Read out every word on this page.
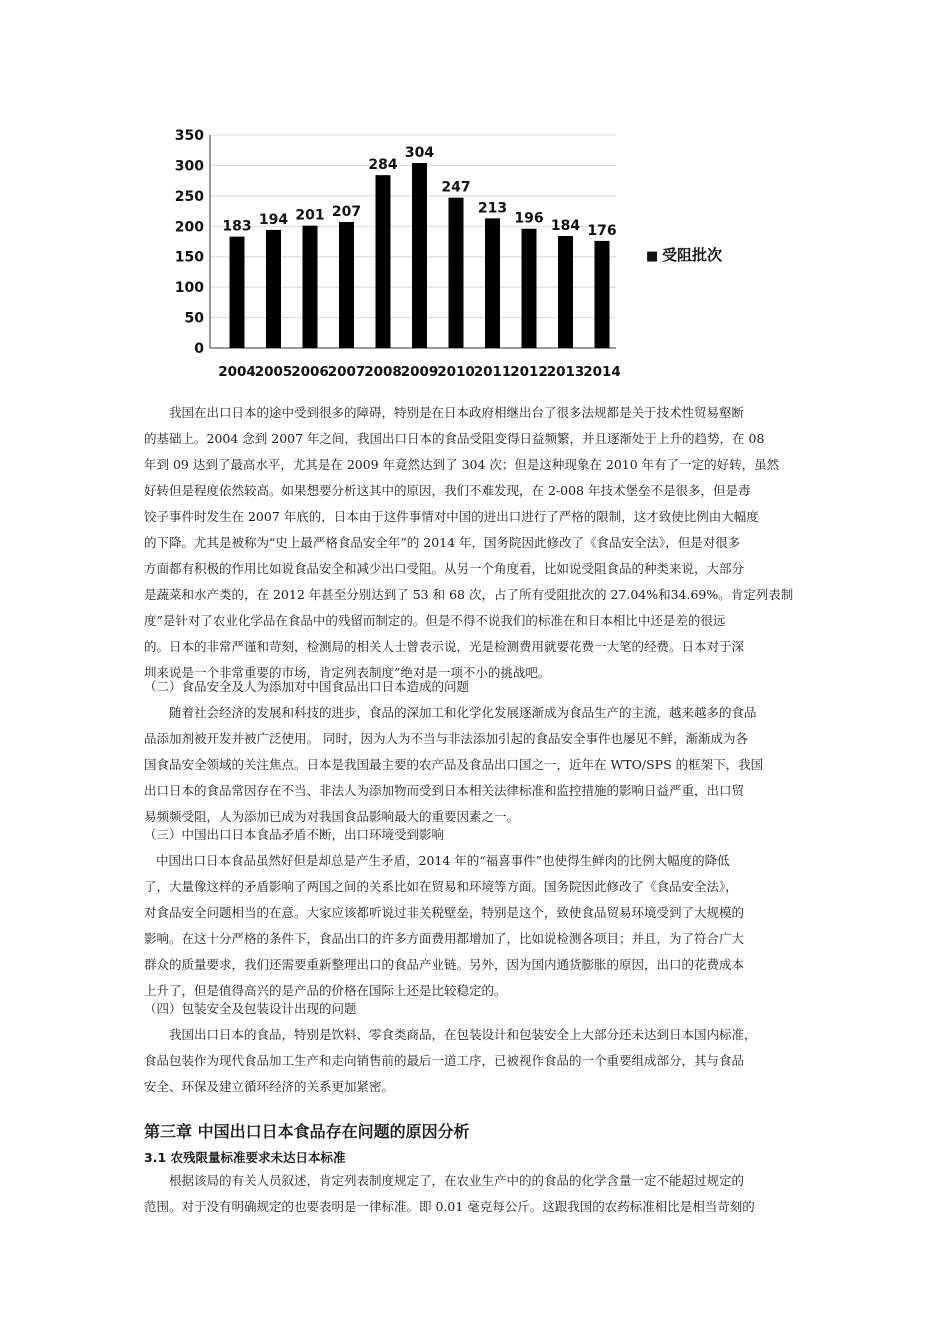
0
50
100
150
200
250
300
350
183
2004
194
2005
201
2006
207
2007
284
2008
304
2009
247
2010
213
2011
196
2012
184
2013
176
2014
■ 受阻批次
我国在出口日本的途中受到很多的障碍，特别是在日本政府相继出台了很多法规都是关于技术性贸易壑断
的基础上。2004 念到 2007 年之间，我国出口日本的食品受阻变得日益频繁，并且逐渐处于上升的趋势，在 08
年到 09 达到了最高水平，尤其是在 2009 年竟然达到了 304 次；但是这种现象在 2010 年有了一定的好转，虽然
好转但是程度依然较高。如果想要分析这其中的原因，我们不难发现，在 2-008 年技术堡垒不是很多，但是毒
饺子事件时发生在 2007 年底的，日本由于这件事情对中国的进出口进行了严格的限制，这才致使比例由大幅度
的下降。尤其是被称为“史上最严格食品安全年”的 2014 年，国务院因此修改了《食品安全法》，但是对很多
方面都有积极的作用比如说食品安全和减少出口受阻。从另一个角度看，比如说受阻食品的种类来说，大部分
是蔬菜和水产类的，在 2012 年甚至分别达到了 53 和 68 次，占了所有受阻批次的 27.04%和34.69%。肯定列表制
度”是针对了农业化学品在食品中的残留而制定的。但是不得不说我们的标准在和日本相比中还是差的很远
的。日本的非常严谨和苛刻，检测局的相关人士曾表示说，光是检测费用就要花费一大笔的经费。日本对于深
圳来说是一个非常重要的市场，肯定列表制度”绝对是一项不小的挑战吧。
（二）食品安全及人为添加对中国食品出口日本造成的问题
随着社会经济的发展和科技的进步，食品的深加工和化学化发展逐渐成为食品生产的主流，越来越多的食品
品添加剂被开发并被广泛使用。 同时，因为人为不当与非法添加引起的食品安全事件也屡见不鲜，渐渐成为各
国食品安全领域的关注焦点。日本是我国最主要的农产品及食品出口国之一，近年在 WTO/SPS 的框架下，我国
出口日本的食品常因存在不当、非法人为添加物而受到日本相关法律标准和监控措施的影响日益严重，出口贸
易频频受阻，人为添加已成为对我国食品影响最大的重要因素之一。
（三）中国出口日本食品矛盾不断，出口环境受到影响
中国出口日本食品虽然好但是却总是产生矛盾，2014 年的“福喜事件”也使得生鲜肉的比例大幅度的降低
了，大量像这样的矛盾影响了两国之间的关系比如在贸易和环境等方面。国务院因此修改了《食品安全法》，
对食品安全问题相当的在意。大家应该都听说过非关税壁垒，特别是这个，致使食品贸易环境受到了大规模的
影响。在这十分严格的条件下，食品出口的许多方面费用都增加了，比如说检测各项目；并且，为了符合广大
群众的质量要求，我们还需要重新整理出口的食品产业链。另外，因为国内通货膨胀的原因，出口的花费成本
上升了，但是值得高兴的是产品的价格在国际上还是比较稳定的。
（四）包装安全及包装设计出现的问题
我国出口日本的食品，特别是饮料、零食类商品，在包装设计和包装安全上大部分还未达到日本国内标准，
食品包装作为现代食品加工生产和走向销售前的最后一道工序，已被视作食品的一个重要组成部分，其与食品
安全、环保及建立循环经济的关系更加紧密。
第三章 中国出口日本食品存在问题的原因分析
3.1 农残限量标准要求未达日本标准
根据该局的有关人员叙述，肯定列表制度规定了，在农业生产中的的食品的化学含量一定不能超过规定的
范围。对于没有明确规定的也要表明是一律标准。即 0.01 毫克每公斤。这跟我国的农药标准相比是相当苛刻的
